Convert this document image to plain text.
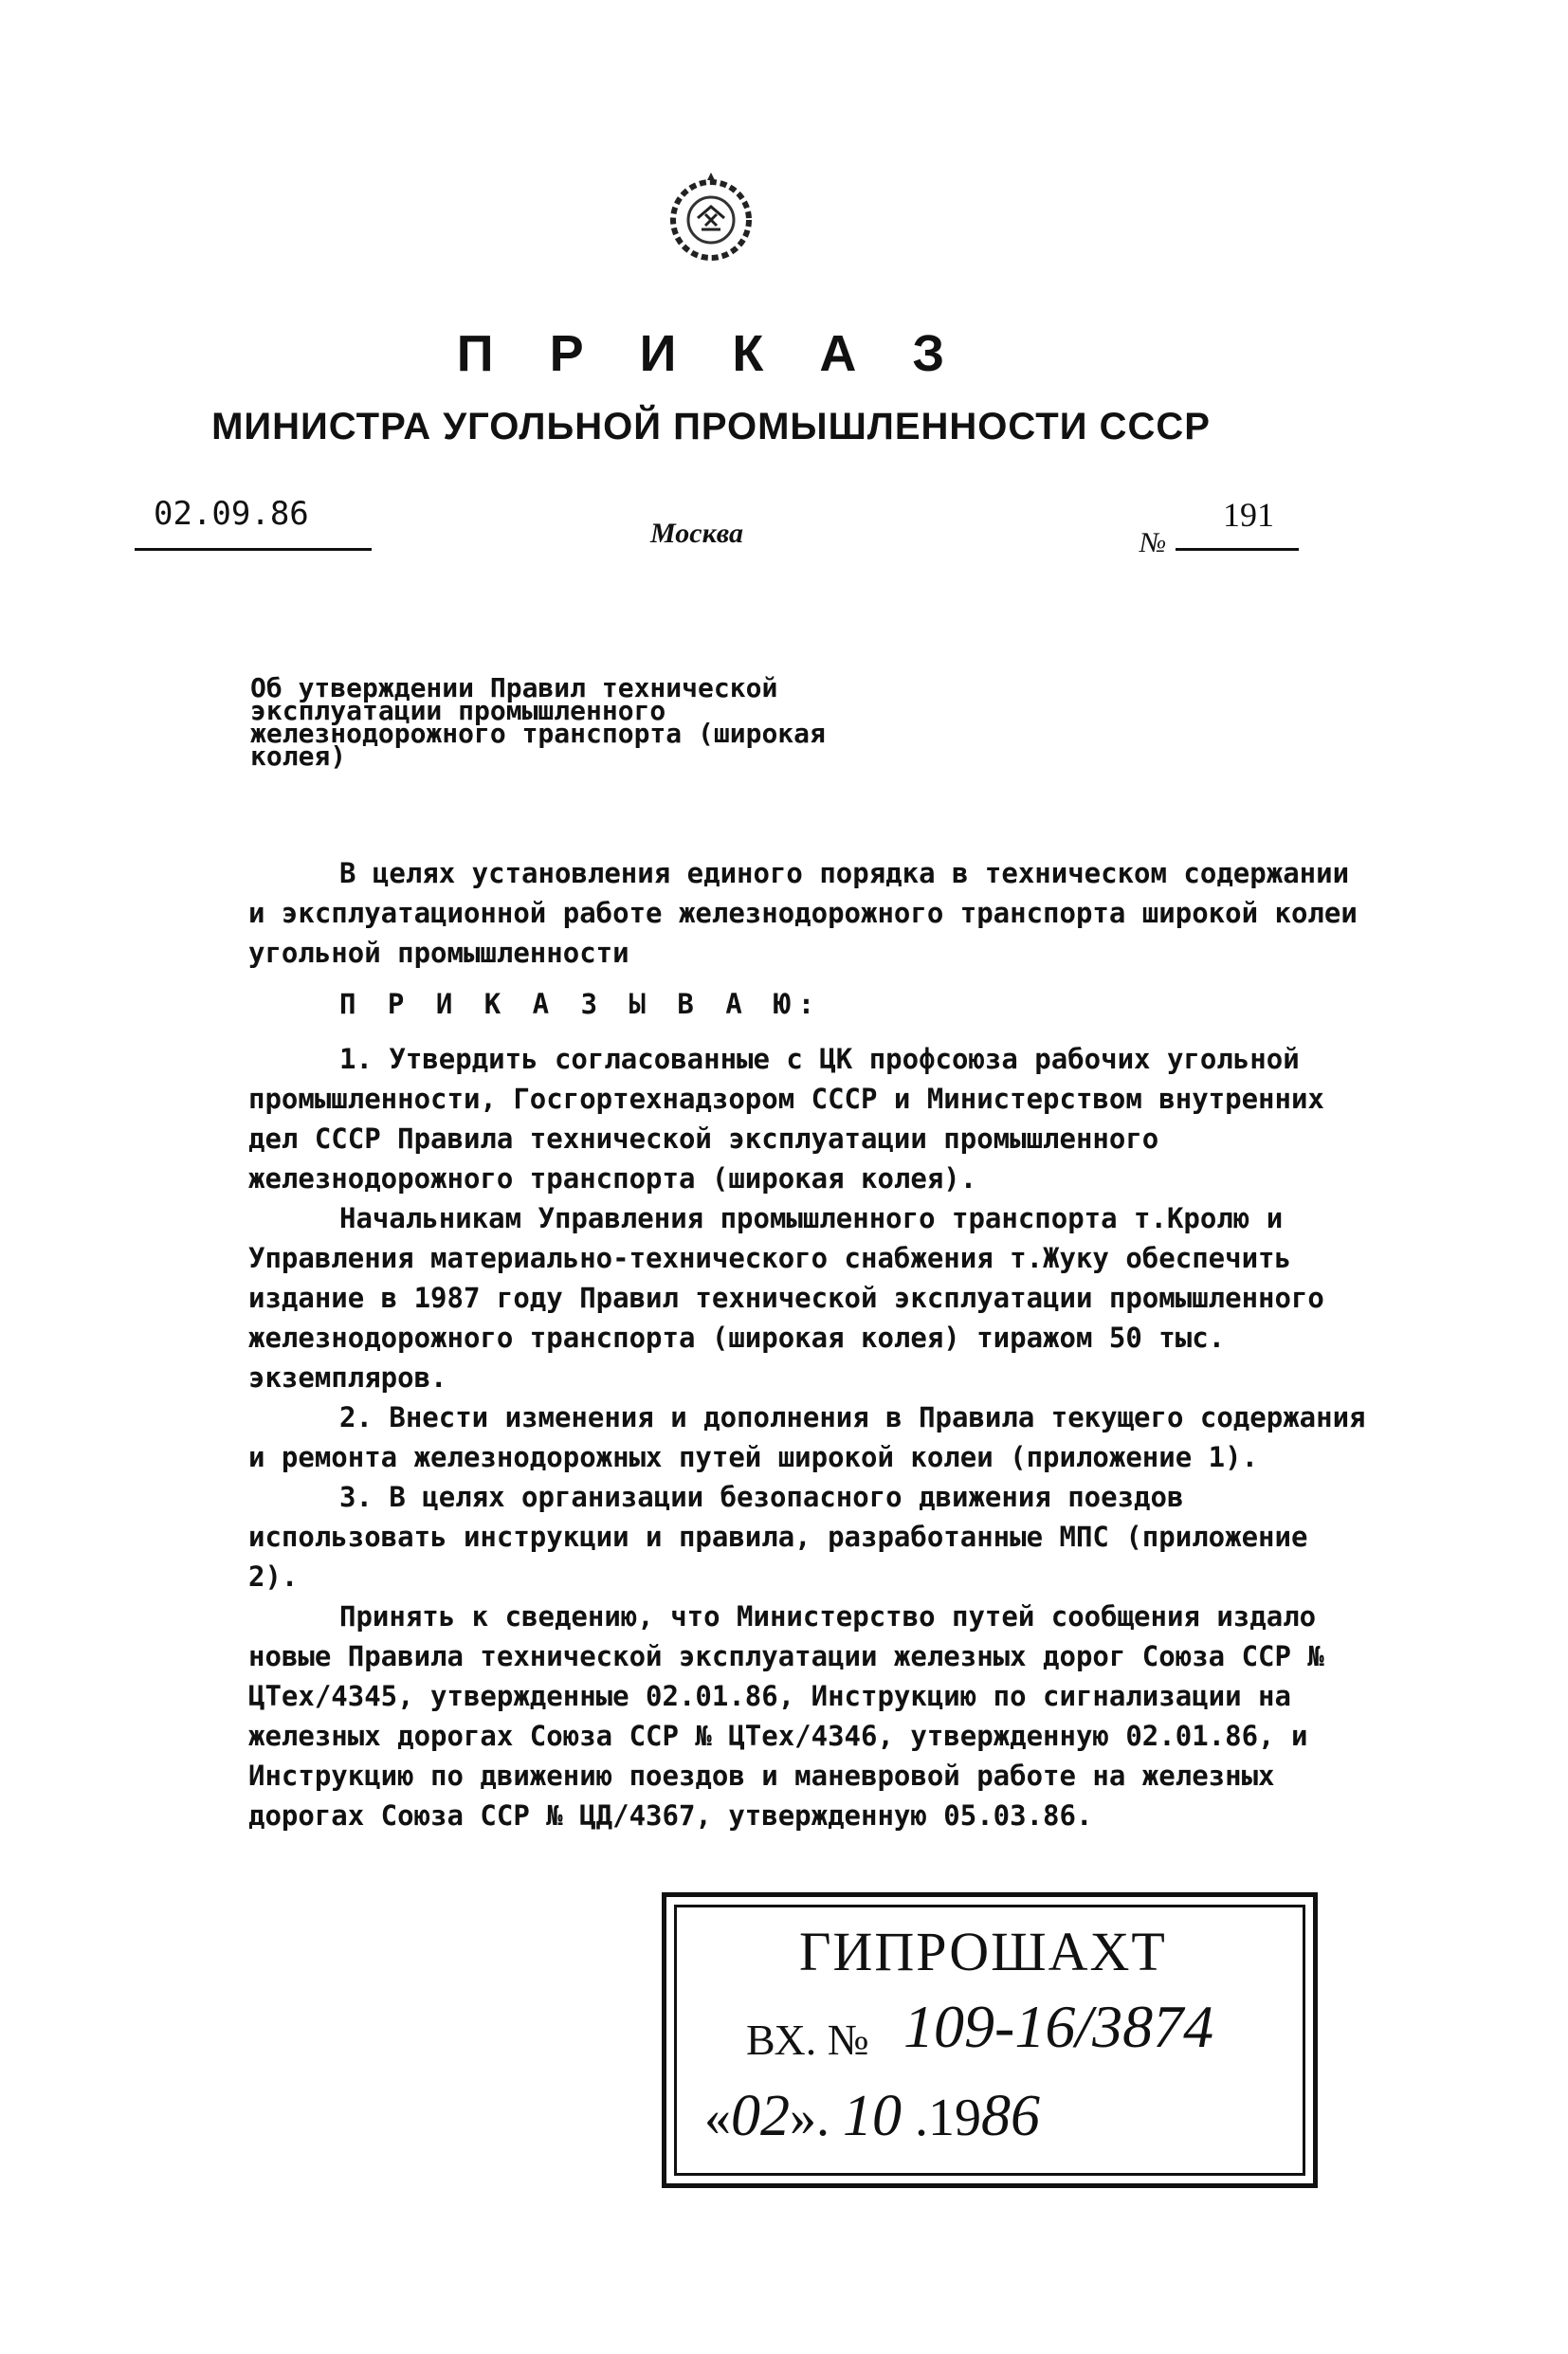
П Р И К А З
МИНИСТРА УГОЛЬНОЙ ПРОМЫШЛЕННОСТИ СССР
02.09.86
Москва	№
191
Об утверждении Правил технической эксплуатации промышленного железнодорожного транспорта (широкая колея)

В целях установления единого порядка в техническом содержании и эксплуатационной работе железнодорожного транспорта широкой колеи угольной промышленности

П Р И К А З Ы В А Ю:

1. Утвердить согласованные с ЦК профсоюза рабочих угольной промышленности, Госгортехнадзором СССР и Министерством внутренних дел СССР Правила технической эксплуатации промышленного железнодорожного транспорта (широкая колея).

Начальникам Управления промышленного транспорта т.Кролю и Управления материально-технического снабжения т.Жуку обеспечить издание в 1987 году Правил технической эксплуатации промышленного железнодорожного транспорта (широкая колея) тиражом 50 тыс. экземпляров.

2. Внести изменения и дополнения в Правила текущего содержания и ремонта железнодорожных путей широкой колеи (приложение 1).

3. В целях организации безопасного движения поездов использовать инструкции и правила, разработанные МПС (приложение 2).

Принять к сведению, что Министерство путей сообщения издало новые Правила технической эксплуатации железных дорог Союза ССР № ЦТех/4345, утвержденные 02.01.86, Инструкцию по сигнализации на железных дорогах Союза ССР № ЦТех/4346, утвержденную 02.01.86, и Инструкцию по движению поездов и маневровой работе на железных дорогах Союза ССР № ЦД/4367, утвержденную 05.03.86.

ГИПРОШАХТ
ВХ. № 109-16/3874
«02». 10 .1986
